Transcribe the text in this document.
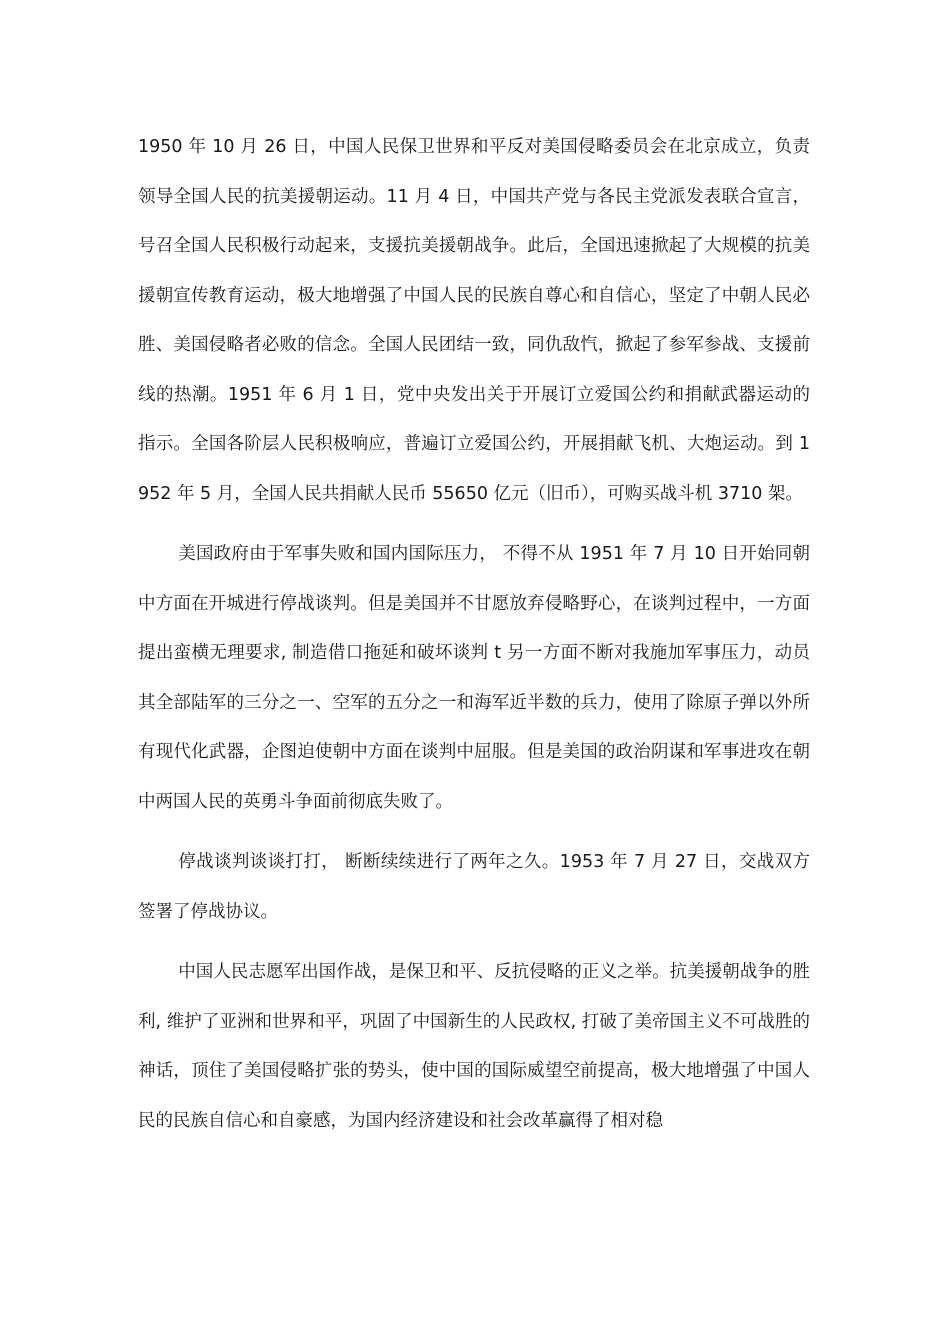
1950 年 10 月 26 日，中国人民保卫世界和平反对美国侵略委员会在北京成立，负责领导全国人民的抗美援朝运动。11 月 4 日，中国共产党与各民主党派发表联合宣言，号召全国人民积极行动起来，支援抗美援朝战争。此后，全国迅速掀起了大规模的抗美援朝宣传教育运动，极大地增强了中国人民的民族自尊心和自信心，坚定了中朝人民必胜、美国侵略者必败的信念。全国人民团结一致，同仇敌忾，掀起了参军参战、支援前线的热潮。1951 年 6 月 1 日，党中央发出关于开展订立爱国公约和捐献武器运动的指示。全国各阶层人民积极响应，普遍订立爱国公约，开展捐献飞机、大炮运动。到 1952 年 5 月，全国人民共捐献人民币 55650 亿元（旧币），可购买战斗机 3710 架。

美国政府由于军事失败和国内国际压力， 不得不从 1951 年 7 月 10 日开始同朝中方面在开城进行停战谈判。但是美国并不甘愿放弃侵略野心，在谈判过程中，一方面提出蛮横无理要求, 制造借口拖延和破坏谈判 t 另一方面不断对我施加军事压力，动员其全部陆军的三分之一、空军的五分之一和海军近半数的兵力，使用了除原子弹以外所有现代化武器，企图迫使朝中方面在谈判中屈服。但是美国的政治阴谋和军事进攻在朝中两国人民的英勇斗争面前彻底失败了。

停战谈判谈谈打打， 断断续续进行了两年之久。1953 年 7 月 27 日，交战双方签署了停战协议。

中国人民志愿军出国作战，是保卫和平、反抗侵略的正义之举。抗美援朝战争的胜利, 维护了亚洲和世界和平，巩固了中国新生的人民政权, 打破了美帝国主义不可战胜的神话，顶住了美国侵略扩张的势头，使中国的国际威望空前提高，极大地增强了中国人民的民族自信心和自豪感，为国内经济建设和社会改革赢得了相对稳
